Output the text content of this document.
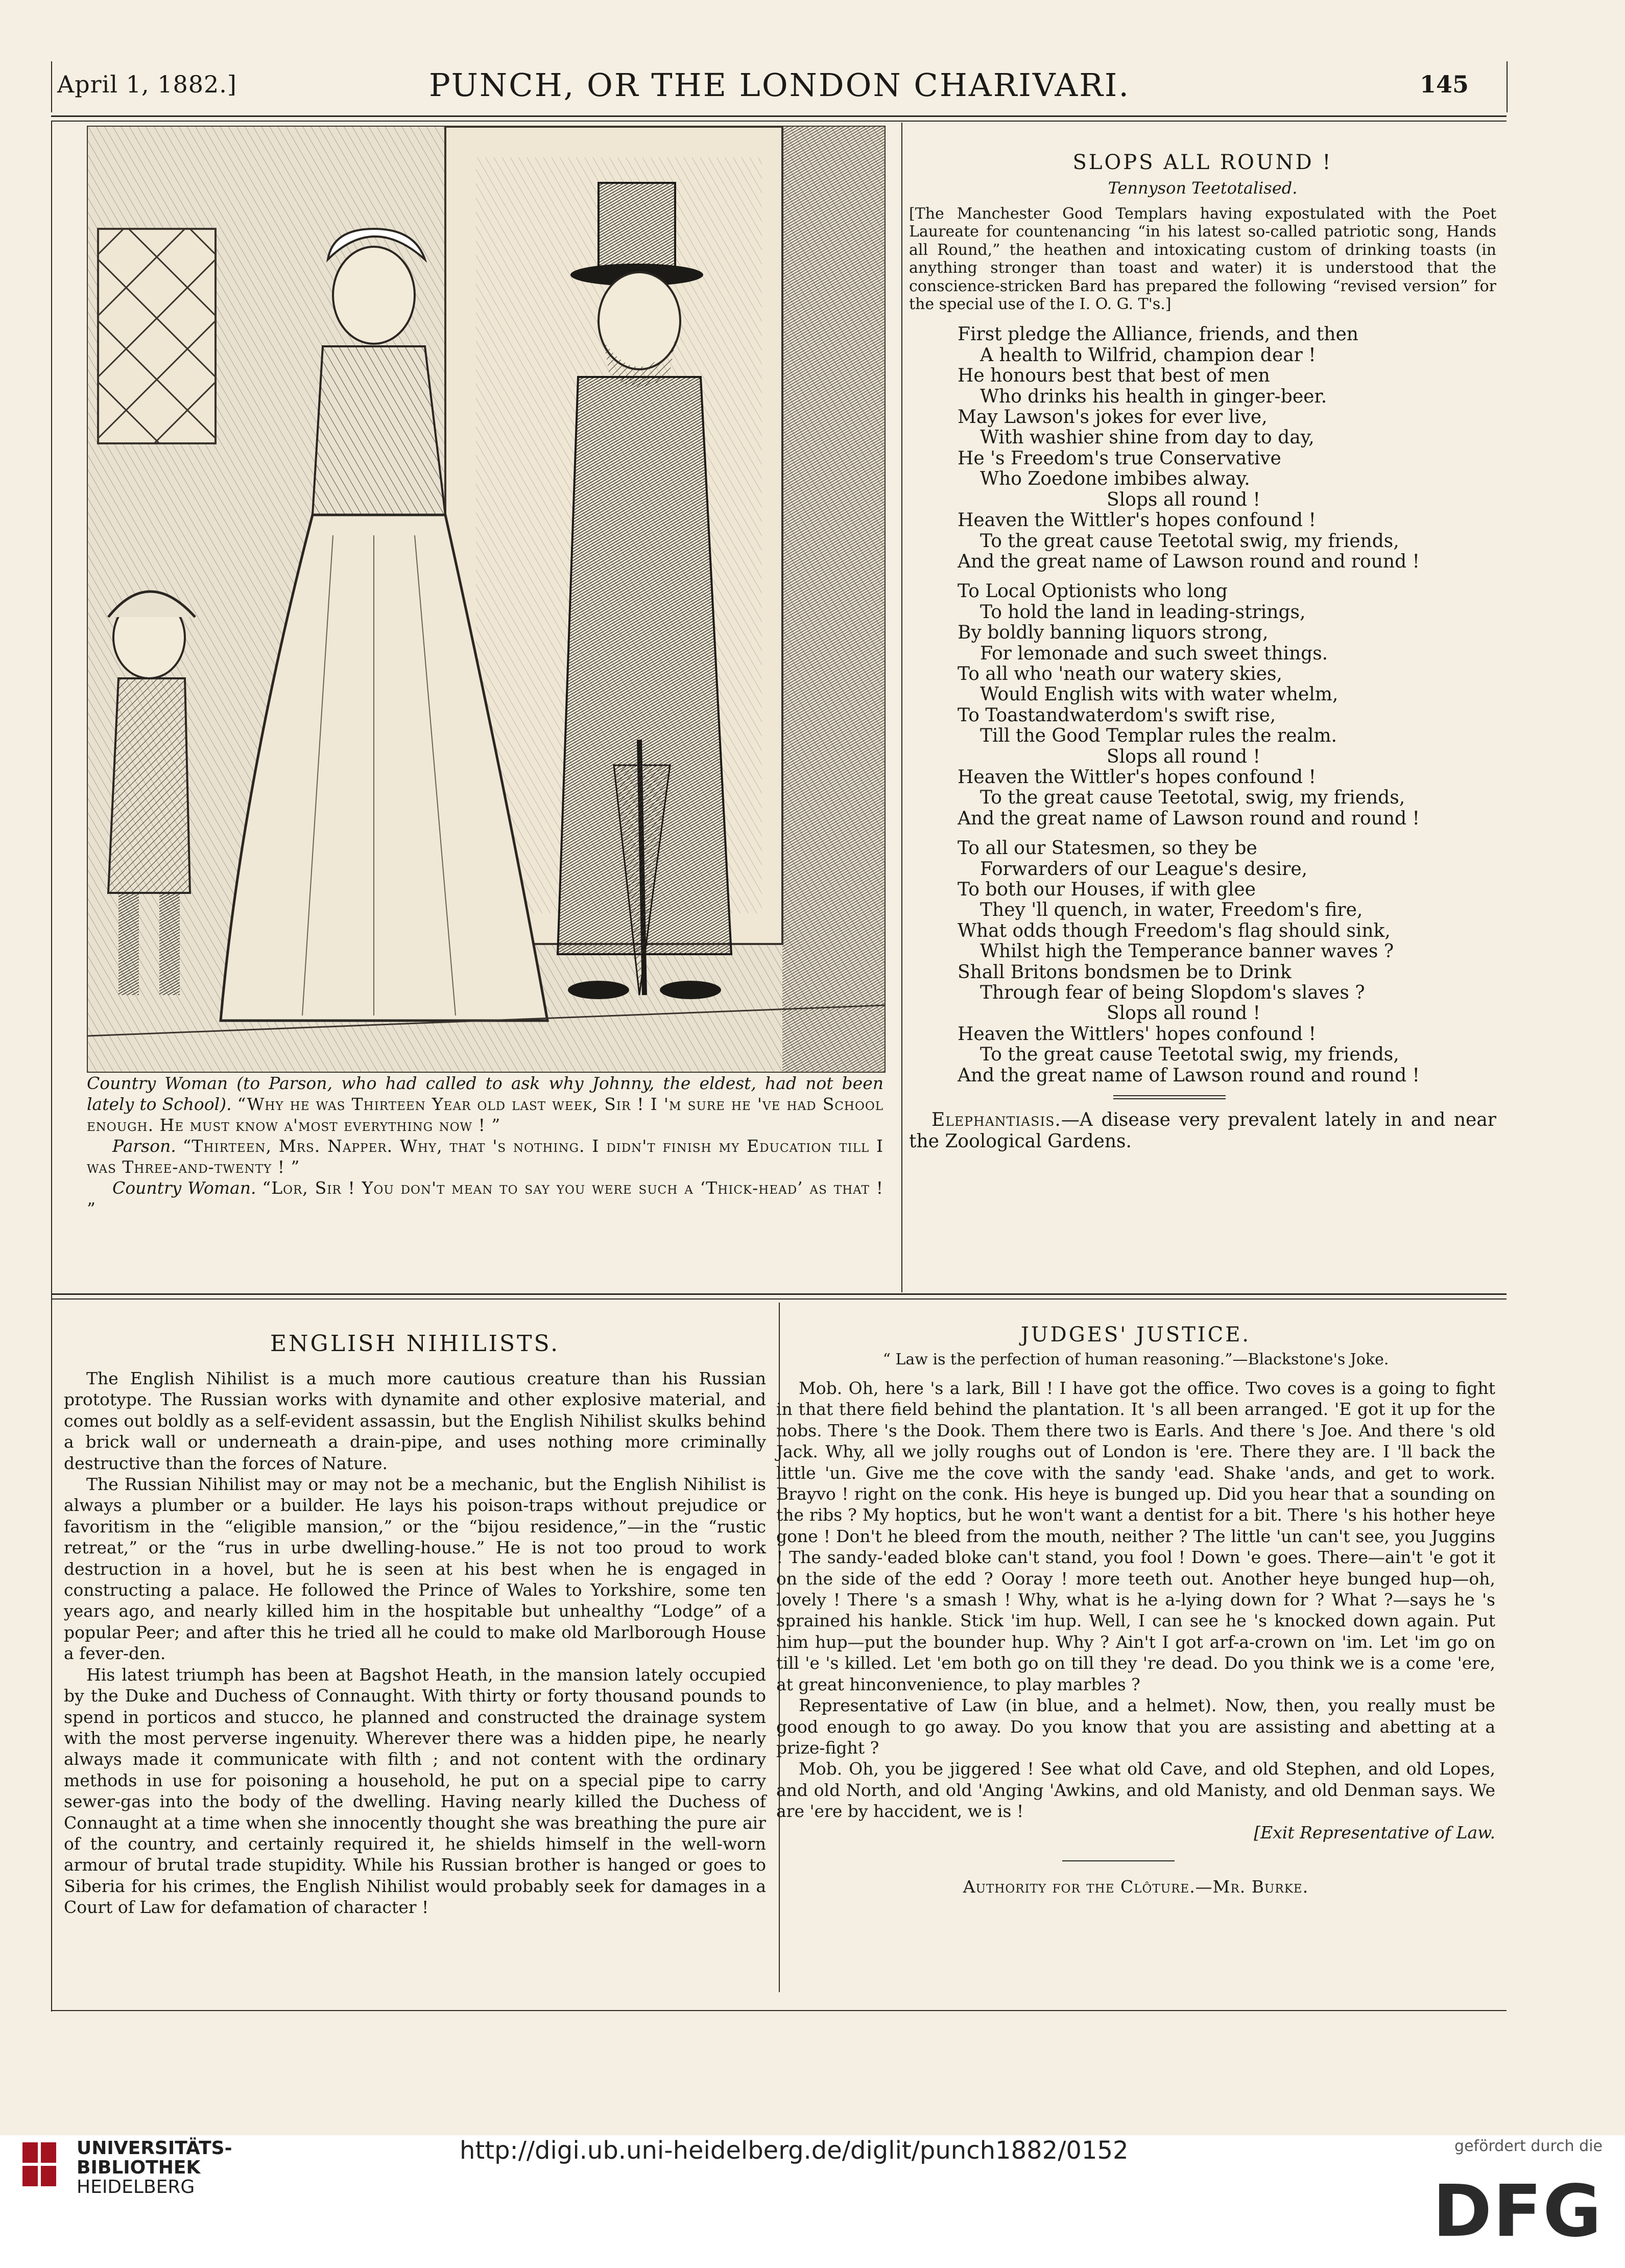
April 1, 1882.]	PUNCH, OR THE LONDON CHARIVARI.	145

Country Woman (to Parson, who had called to ask why Johnny, the eldest, had not been lately to School). “Why he was Thirteen Year old last week, Sir ! I 'm sure he 've had School enough. He must know a'most everything now ! ”

Parson. “Thirteen, Mrs. Napper. Why, that 's nothing. I didn't finish my Education till I was Three-and-twenty ! ”

Country Woman. “Lor, Sir ! You don't mean to say you were such a ‘Thick-head’ as that ! ”

SLOPS ALL ROUND !

Tennyson Teetotalised.

[The Manchester Good Templars having expostulated with the Poet Laureate for countenancing “in his latest so-called patriotic song, Hands all Round,” the heathen and intoxicating custom of drinking toasts (in anything stronger than toast and water) it is understood that the conscience-stricken Bard has prepared the following “revised version” for the special use of the I. O. G. T's.]

First pledge the Alliance, friends, and then
A health to Wilfrid, champion dear !
He honours best that best of men
Who drinks his health in ginger-beer.
May Lawson's jokes for ever live,
With washier shine from day to day,
He 's Freedom's true Conservative
Who Zoedone imbibes alway.
Slops all round !
Heaven the Wittler's hopes confound !
To the great cause Teetotal swig, my friends,
And the great name of Lawson round and round !
To Local Optionists who long
To hold the land in leading-strings,
By boldly banning liquors strong,
For lemonade and such sweet things.
To all who 'neath our watery skies,
Would English wits with water whelm,
To Toastandwaterdom's swift rise,
Till the Good Templar rules the realm.
Slops all round !
Heaven the Wittler's hopes confound !
To the great cause Teetotal, swig, my friends,
And the great name of Lawson round and round !
To all our Statesmen, so they be
Forwarders of our League's desire,
To both our Houses, if with glee
They 'll quench, in water, Freedom's fire,
What odds though Freedom's flag should sink,
Whilst high the Temperance banner waves ?
Shall Britons bondsmen be to Drink
Through fear of being Slopdom's slaves ?
Slops all round !
Heaven the Wittlers' hopes confound !
To the great cause Teetotal swig, my friends,
And the great name of Lawson round and round !

Elephantiasis.—A disease very prevalent lately in and near the Zoological Gardens.

ENGLISH NIHILISTS.

The English Nihilist is a much more cautious creature than his Russian prototype. The Russian works with dynamite and other explosive material, and comes out boldly as a self-evident assassin, but the English Nihilist skulks behind a brick wall or underneath a drain-pipe, and uses nothing more criminally destructive than the forces of Nature.

The Russian Nihilist may or may not be a mechanic, but the English Nihilist is always a plumber or a builder. He lays his poison-traps without prejudice or favoritism in the “eligible mansion,” or the “bijou residence,”—in the “rustic retreat,” or the “rus in urbe dwelling-house.” He is not too proud to work destruction in a hovel, but he is seen at his best when he is engaged in constructing a palace. He followed the Prince of Wales to Yorkshire, some ten years ago, and nearly killed him in the hospitable but unhealthy “Lodge” of a popular Peer; and after this he tried all he could to make old Marlborough House a fever-den.

His latest triumph has been at Bagshot Heath, in the mansion lately occupied by the Duke and Duchess of Connaught. With thirty or forty thousand pounds to spend in porticos and stucco, he planned and constructed the drainage system with the most perverse ingenuity. Wherever there was a hidden pipe, he nearly always made it communicate with filth ; and not content with the ordinary methods in use for poisoning a household, he put on a special pipe to carry sewer-gas into the body of the dwelling. Having nearly killed the Duchess of Connaught at a time when she innocently thought she was breathing the pure air of the country, and certainly required it, he shields himself in the well-worn armour of brutal trade stupidity. While his Russian brother is hanged or goes to Siberia for his crimes, the English Nihilist would probably seek for damages in a Court of Law for defamation of character !

JUDGES' JUSTICE.

“ Law is the perfection of human reasoning.”—Blackstone's Joke.

Mob. Oh, here 's a lark, Bill ! I have got the office. Two coves is a going to fight in that there field behind the plantation. It 's all been arranged. 'E got it up for the nobs. There 's the Dook. Them there two is Earls. And there 's Joe. And there 's old Jack. Why, all we jolly roughs out of London is 'ere. There they are. I 'll back the little 'un. Give me the cove with the sandy 'ead. Shake 'ands, and get to work. Brayvo ! right on the conk. His heye is bunged up. Did you hear that a sounding on the ribs ? My hoptics, but he won't want a dentist for a bit. There 's his hother heye gone ! Don't he bleed from the mouth, neither ? The little 'un can't see, you Juggins ! The sandy-'eaded bloke can't stand, you fool ! Down 'e goes. There—ain't 'e got it on the side of the edd ? Ooray ! more teeth out. Another heye bunged hup—oh, lovely ! There 's a smash ! Why, what is he a-lying down for ? What ?—says he 's sprained his hankle. Stick 'im hup. Well, I can see he 's knocked down again. Put him hup—put the bounder hup. Why ? Ain't I got arf-a-crown on 'im. Let 'im go on till 'e 's killed. Let 'em both go on till they 're dead. Do you think we is a come 'ere, at great hinconvenience, to play marbles ?

Representative of Law (in blue, and a helmet). Now, then, you really must be good enough to go away. Do you know that you are assisting and abetting at a prize-fight ?

Mob. Oh, you be jiggered ! See what old Cave, and old Stephen, and old Lopes, and old North, and old 'Anging 'Awkins, and old Manisty, and old Denman says. We are 'ere by haccident, we is !

[Exit Representative of Law.

Authority for the Clôture.—Mr. Burke.

UNIVERSITÄTS-
BIBLIOTHEK
HEIDELBERG
http://digi.ub.uni-heidelberg.de/diglit/punch1882/0152	gefördert durch die
DFG
